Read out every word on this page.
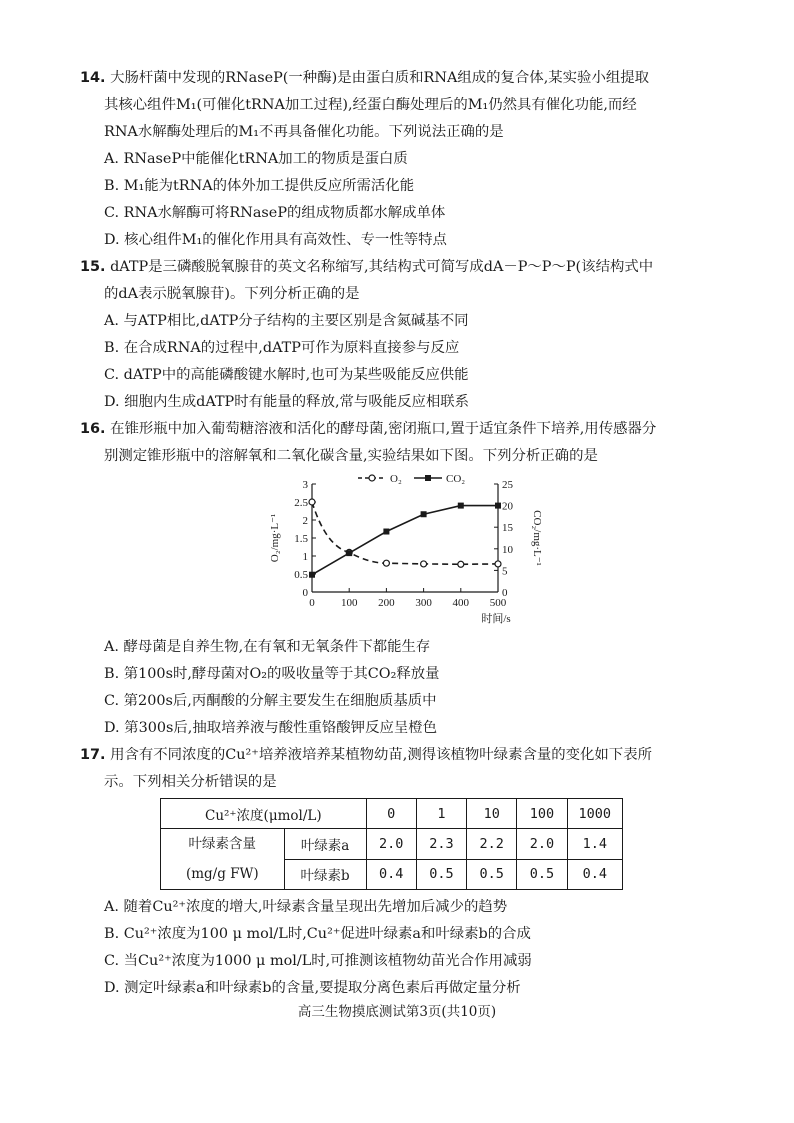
14. 大肠杆菌中发现的RNaseP(一种酶)是由蛋白质和RNA组成的复合体,某实验小组提取
其核心组件M₁(可催化tRNA加工过程),经蛋白酶处理后的M₁仍然具有催化功能,而经
RNA水解酶处理后的M₁不再具备催化功能。下列说法正确的是
A. RNaseP中能催化tRNA加工的物质是蛋白质
B. M₁能为tRNA的体外加工提供反应所需活化能
C. RNA水解酶可将RNaseP的组成物质都水解成单体
D. 核心组件M₁的催化作用具有高效性、专一性等特点
15. dATP是三磷酸脱氧腺苷的英文名称缩写,其结构式可简写成dA－P～P～P(该结构式中
的dA表示脱氧腺苷)。下列分析正确的是
A. 与ATP相比,dATP分子结构的主要区别是含氮碱基不同
B. 在合成RNA的过程中,dATP可作为原料直接参与反应
C. dATP中的高能磷酸键水解时,也可为某些吸能反应供能
D. 细胞内生成dATP时有能量的释放,常与吸能反应相联系
16. 在锥形瓶中加入葡萄糖溶液和活化的酵母菌,密闭瓶口,置于适宜条件下培养,用传感器分
别测定锥形瓶中的溶解氧和二氧化碳含量,实验结果如下图。下列分析正确的是
0 100 200 300 400 500
时间/s
0
0.5
1
1.5
2
2.5
3
0
5
10
15
20
25
O₂/mg·L⁻¹	CO₂/mg·L⁻¹
O₂	CO₂
A. 酵母菌是自养生物,在有氧和无氧条件下都能生存
B. 第100s时,酵母菌对O₂的吸收量等于其CO₂释放量
C. 第200s后,丙酮酸的分解主要发生在细胞质基质中
D. 第300s后,抽取培养液与酸性重铬酸钾反应呈橙色
17. 用含有不同浓度的Cu²⁺培养液培养某植物幼苗,测得该植物叶绿素含量的变化如下表所
示。下列相关分析错误的是
Cu²⁺浓度(μmol/L)		0	1	10	100	1000

叶绿素含量
(mg/g FW)	叶绿素a	2.0	2.3	2.2	2.0	1.4
	叶绿素b	0.4	0.5	0.5	0.5	0.4
A. 随着Cu²⁺浓度的增大,叶绿素含量呈现出先增加后减少的趋势
B. Cu²⁺浓度为100 μ mol/L时,Cu²⁺促进叶绿素a和叶绿素b的合成
C. 当Cu²⁺浓度为1000 μ mol/L时,可推测该植物幼苗光合作用减弱
D. 测定叶绿素a和叶绿素b的含量,要提取分离色素后再做定量分析
高三生物摸底测试第3页(共10页)
